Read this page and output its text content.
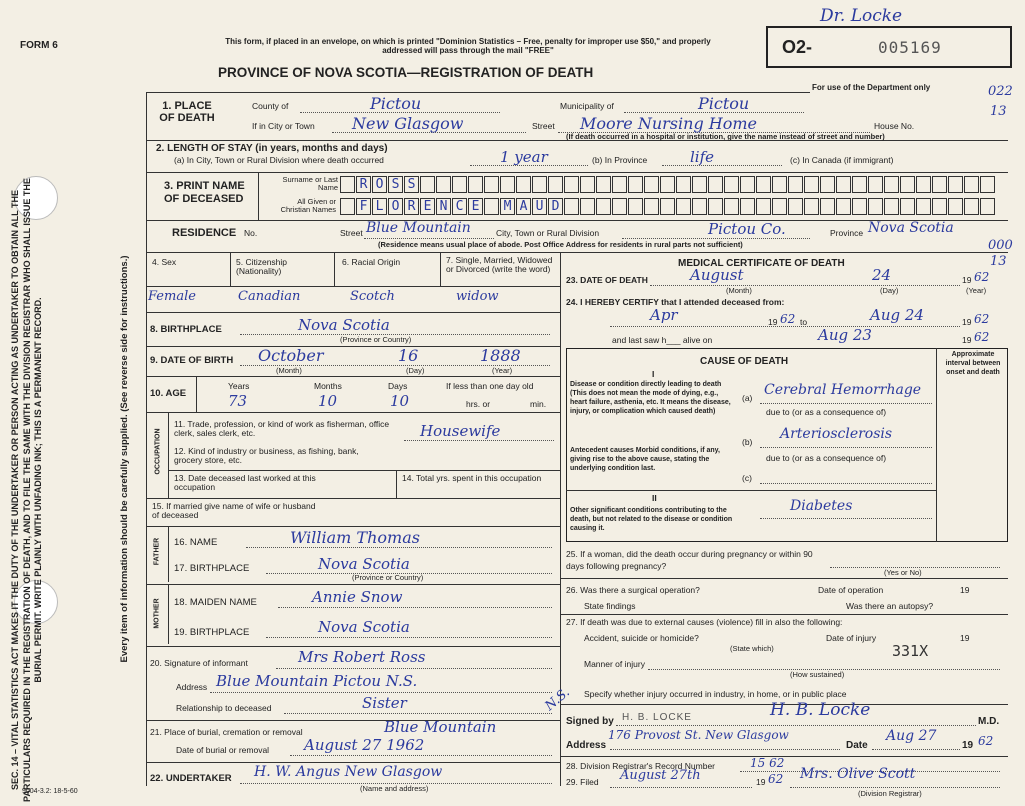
FORM 6
9004-3.2: 18-5-60
SEC. 14 – VITAL STATISTICS ACT MAKES IT THE DUTY OF THE UNDERTAKER OR PERSON ACTING AS UNDERTAKER TO OBTAIN ALL THE PARTICULARS REQUIRED IN THE REGISTRATION OF DEATH, AND TO FILE THE SAME WITH THE DIVISION REGISTRAR WHO SHALL ISSUE THE BURIAL PERMIT. WRITE PLAINLY WITH UNFADING INK; THIS IS A PERMANENT RECORD.	Every item of information should be carefully supplied. (See reverse side for instructions.)
This form, if placed in an envelope, on which is printed "Dominion Statistics – Free, penalty for improper use $50," and properly addressed will pass through the mail "FREE"
PROVINCE OF NOVA SCOTIA—REGISTRATION OF DEATH
O2-	005169
Dr. Locke
For use of the Department only	022
13
000
13
1. PLACE OF DEATH
County of	Pictou	Municipality of	Pictou
If in City or Town New Glasgow	Street Moore Nursing Home	House No.
(If death occurred in a hospital or institution, give the name instead of street and number)
2. LENGTH OF STAY (in years, months and days)
(a) In City, Town or Rural Division where death occurred	1 year	(b) In Province	life	(c) In Canada (if immigrant)
3. PRINT NAME OF DECEASED
Surname or Last Name
All Given or Christian Names
R O S S
F L O R E N C E M A U D
RESIDENCE No.	Street Blue Mountain	City, Town or Rural Division	Pictou Co.	Province Nova Scotia
(Residence means usual place of abode. Post Office Address for residents in rural parts not sufficient)
4. Sex	5. Citizenship (Nationality)
6. Racial Origin	7. Single, Married, Widowed or Divorced (write the word)
Female	Canadian	Scotch	widow
8. BIRTHPLACE	Nova Scotia
(Province or Country)
9. DATE OF BIRTH October	16	1888
(Month)	(Day)	(Year)
10. AGE
Years	Months	Days
73	10	10
If less than one day old
hrs. or	min.
OCCUPATION
11. Trade, profession, or kind of work as fisherman, office clerk, sales clerk, etc.	Housewife
12. Kind of industry or business, as fishing, bank, grocery store, etc.
13. Date deceased last worked at this occupation
14. Total yrs. spent in this occupation
15. If married give name of wife or husband of deceased
FATHER 16. NAME	William Thomas
17. BIRTHPLACE	Nova Scotia
(Province or Country)
MOTHER 18. MAIDEN NAME	Annie Snow
19. BIRTHPLACE	Nova Scotia
20. Signature of informant	Mrs Robert Ross
Address Blue Mountain Pictou N.S.
Relationship to deceased	Sister
21. Place of burial, cremation or removal	Blue Mountain
Date of burial or removal August 27 1962
22. UNDERTAKER H. W. Angus New Glasgow
(Name and address)
MEDICAL CERTIFICATE OF DEATH
23. DATE OF DEATH	August	24	19 62
(Month)	(Day)	(Year)
24. I HEREBY CERTIFY that I attended deceased from:
Apr	19 62 to	Aug 24	19 62
and last saw h___ alive on	Aug 23	19 62
CAUSE OF DEATH
Approximate interval between onset and death
I
Disease or condition directly leading to death (This does not mean the mode of dying, e.g., heart failure, asthenia, etc. It means the disease, injury, or complication which caused death)
(a) Cerebral Hemorrhage
due to (or as a consequence of)
Antecedent causes Morbid conditions, if any, giving rise to the above cause, stating the underlying condition last.
(b) Arteriosclerosis
due to (or as a consequence of)
(c)
II
Other significant conditions contributing to the death, but not related to the disease or condition causing it.
Diabetes
25. If a woman, did the death occur during pregnancy or within 90 days following pregnancy?
(Yes or No)
26. Was there a surgical operation?	Date of operation	19
State findings	Was there an autopsy?
27. If death was due to external causes (violence) fill in also the following:
Accident, suicide or homicide?	Date of injury	19
(State which)	331X
Manner of injury
(How sustained)
Specify whether injury occurred in industry, in home, or in public place
Signed by H. B. LOCKE	H. B. Locke
M.D.
N.S.
Address
176 Provost St. New Glasgow
Date
Aug 27
19 62
28. Division Registrar's Record Number	15 62
29. Filed August 27th	19 62 Mrs. Olive Scott
(Division Registrar)
